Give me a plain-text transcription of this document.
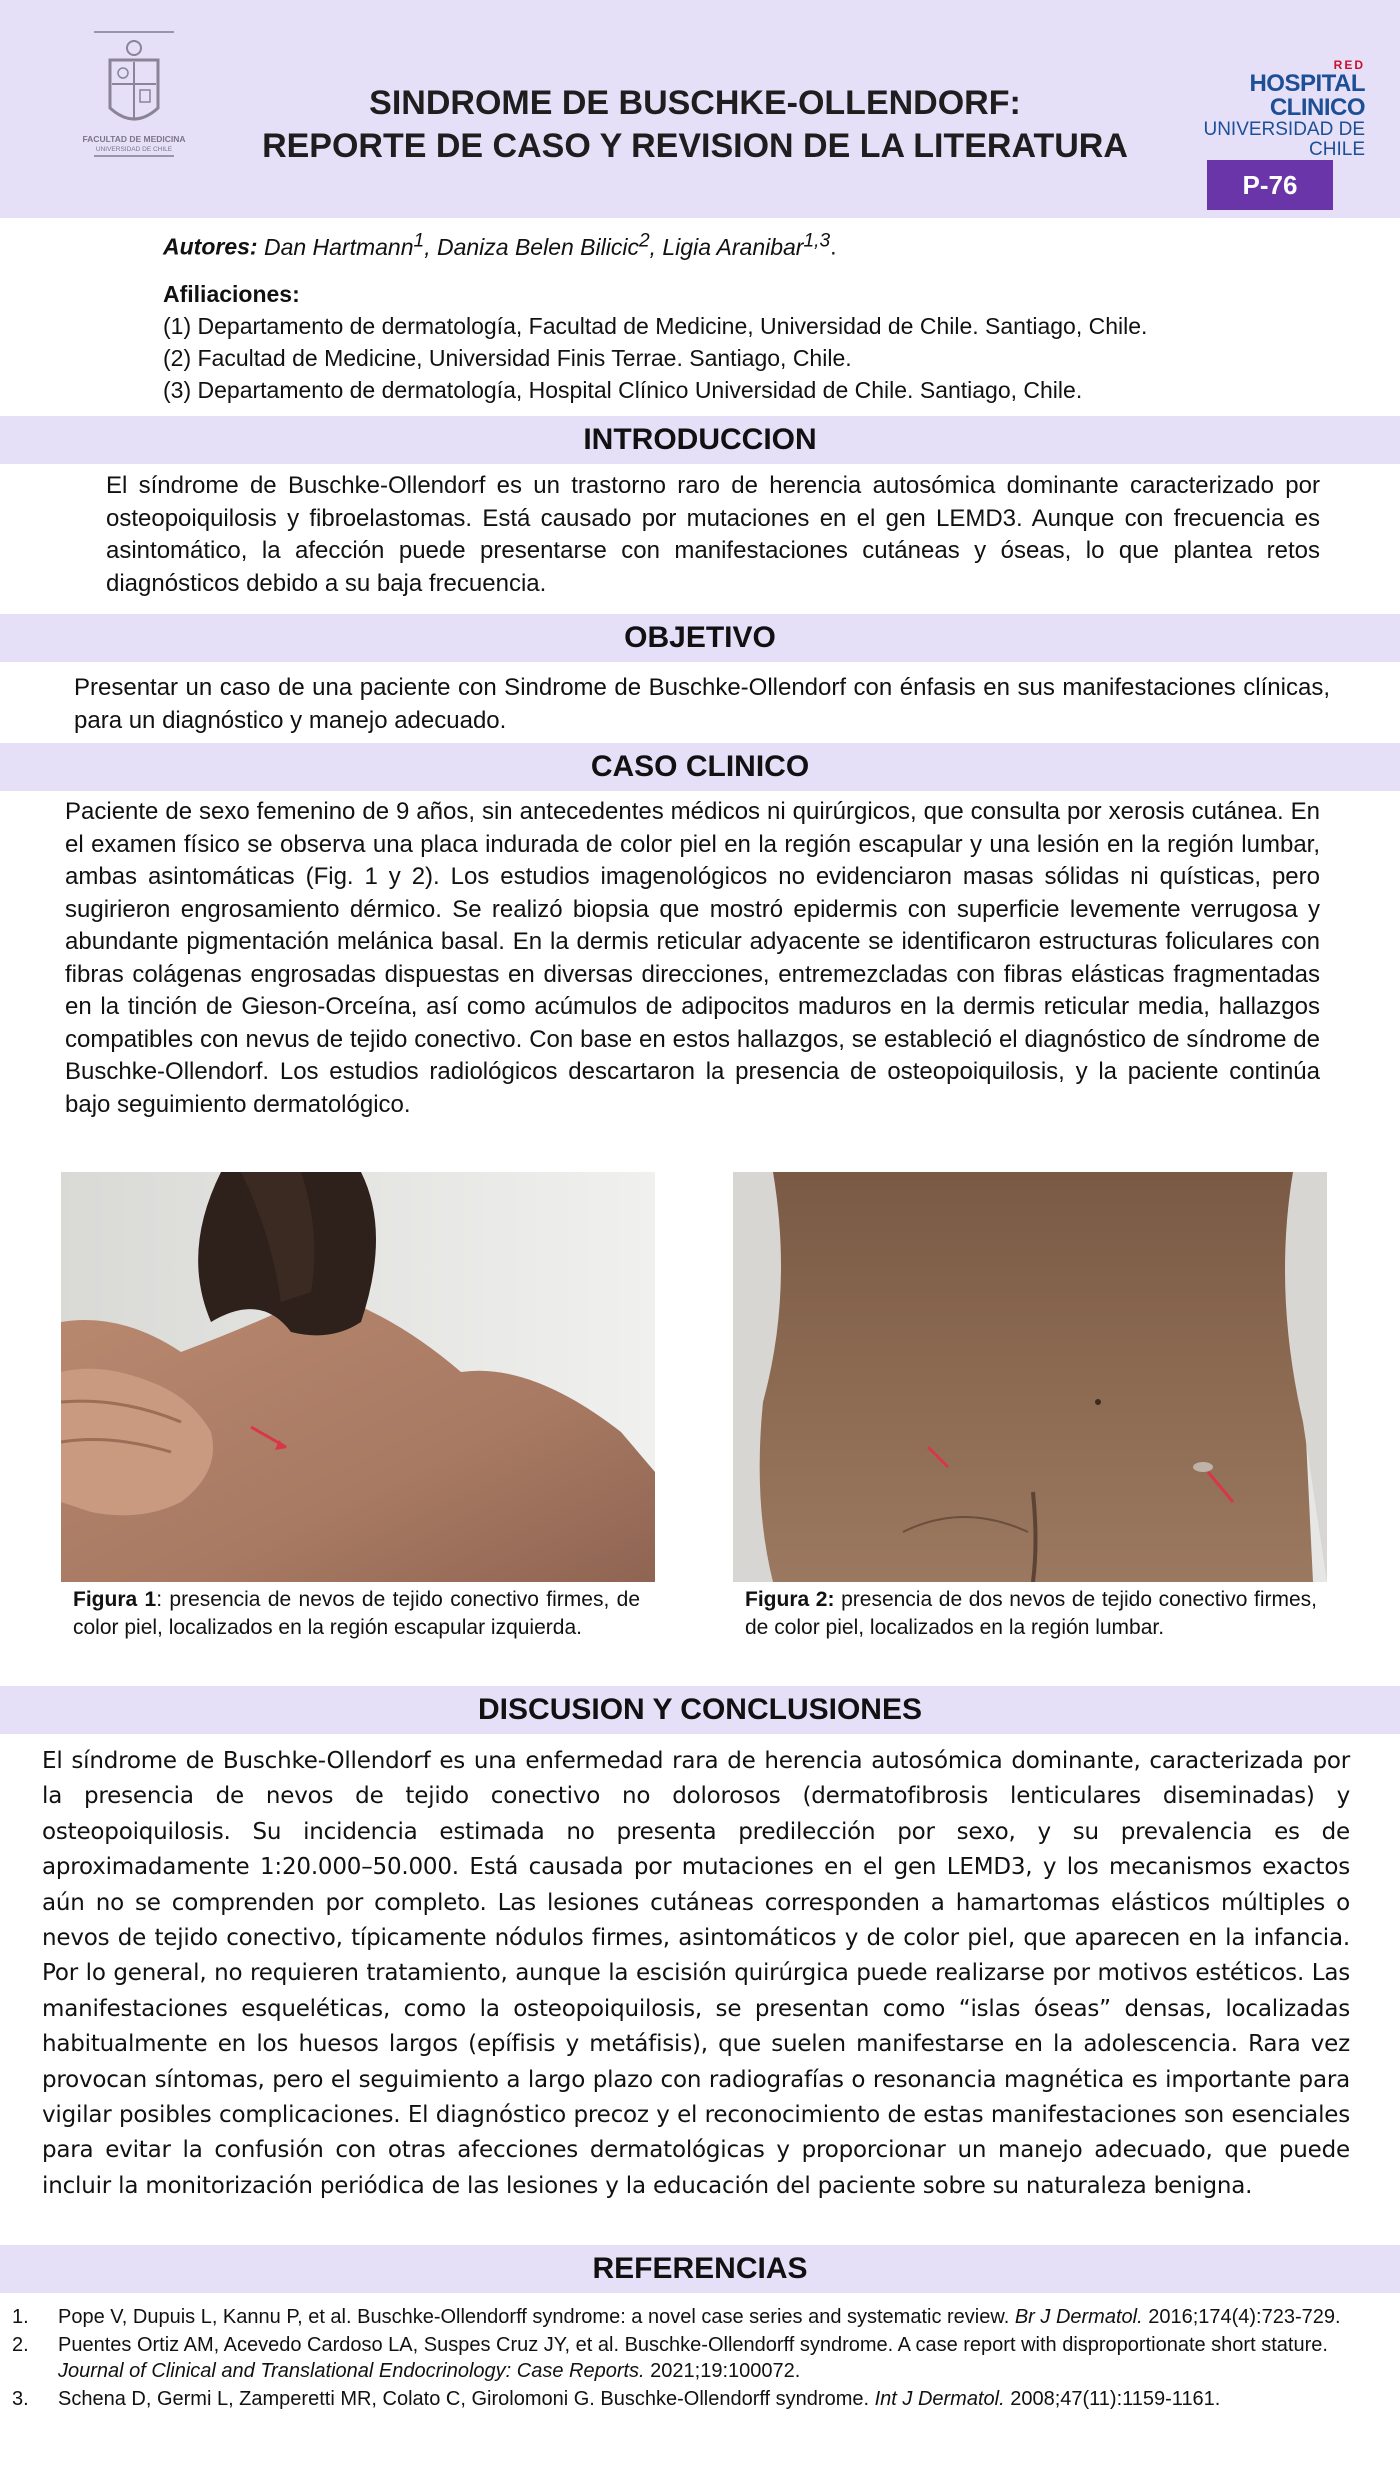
FACULTAD DE MEDICINA
UNIVERSIDAD DE CHILE
SINDROME DE BUSCHKE-OLLENDORF:
REPORTE DE CASO Y REVISION DE LA LITERATURA
RED
HOSPITAL CLINICO
UNIVERSIDAD DE CHILE
P-76
Autores: Dan Hartmann$^1$, Daniza Belen Bilicic$^2$, Ligia Aranibar$^{1,3}$.
Afiliaciones:
(1) Departamento de dermatología, Facultad de Medicine, Universidad de Chile. Santiago, Chile.
(2) Facultad de Medicine, Universidad Finis Terrae. Santiago, Chile.
(3) Departamento de dermatología, Hospital Clínico Universidad de Chile. Santiago, Chile.
INTRODUCCION
El síndrome de Buschke-Ollendorf es un trastorno raro de herencia autosómica dominante caracterizado por osteopoiquilosis y fibroelastomas. Está causado por mutaciones en el gen LEMD3. Aunque con frecuencia es asintomático, la afección puede presentarse con manifestaciones cutáneas y óseas, lo que plantea retos diagnósticos debido a su baja frecuencia.
OBJETIVO
Presentar un caso de una paciente con Sindrome de Buschke-Ollendorf con énfasis en sus manifestaciones clínicas, para un diagnóstico y manejo adecuado.
CASO CLINICO
Paciente de sexo femenino de 9 años, sin antecedentes médicos ni quirúrgicos, que consulta por xerosis cutánea. En el examen físico se observa una placa indurada de color piel en la región escapular y una lesión en la región lumbar, ambas asintomáticas (Fig. 1 y 2). Los estudios imagenológicos no evidenciaron masas sólidas ni quísticas, pero sugirieron engrosamiento dérmico. Se realizó biopsia que mostró epidermis con superficie levemente verrugosa y abundante pigmentación melánica basal. En la dermis reticular adyacente se identificaron estructuras foliculares con fibras colágenas engrosadas dispuestas en diversas direcciones, entremezcladas con fibras elásticas fragmentadas en la tinción de Gieson-Orceína, así como acúmulos de adipocitos maduros en la dermis reticular media, hallazgos compatibles con nevus de tejido conectivo. Con base en estos hallazgos, se estableció el diagnóstico de síndrome de Buschke-Ollendorf. Los estudios radiológicos descartaron la presencia de osteopoiquilosis, y la paciente continúa bajo seguimiento dermatológico.
Figura 1: presencia de nevos de tejido conectivo firmes, de color piel, localizados en la región escapular izquierda.
Figura 2: presencia de dos nevos de tejido conectivo firmes, de color piel, localizados en la región lumbar.
DISCUSION Y CONCLUSIONES
El síndrome de Buschke-Ollendorf es una enfermedad rara de herencia autosómica dominante, caracterizada por la presencia de nevos de tejido conectivo no dolorosos (dermatofibrosis lenticulares diseminadas) y osteopoiquilosis. Su incidencia estimada no presenta predilección por sexo, y su prevalencia es de aproximadamente 1:20.000–50.000. Está causada por mutaciones en el gen LEMD3, y los mecanismos exactos aún no se comprenden por completo. Las lesiones cutáneas corresponden a hamartomas elásticos múltiples o nevos de tejido conectivo, típicamente nódulos firmes, asintomáticos y de color piel, que aparecen en la infancia. Por lo general, no requieren tratamiento, aunque la escisión quirúrgica puede realizarse por motivos estéticos. Las manifestaciones esqueléticas, como la osteopoiquilosis, se presentan como “islas óseas” densas, localizadas habitualmente en los huesos largos (epífisis y metáfisis), que suelen manifestarse en la adolescencia. Rara vez provocan síntomas, pero el seguimiento a largo plazo con radiografías o resonancia magnética es importante para vigilar posibles complicaciones. El diagnóstico precoz y el reconocimiento de estas manifestaciones son esenciales para evitar la confusión con otras afecciones dermatológicas y proporcionar un manejo adecuado, que puede incluir la monitorización periódica de las lesiones y la educación del paciente sobre su naturaleza benigna.
REFERENCIAS
1. Pope V, Dupuis L, Kannu P, et al. Buschke-Ollendorff syndrome: a novel case series and systematic review. Br J Dermatol. 2016;174(4):723-729.
2. Puentes Ortiz AM, Acevedo Cardoso LA, Suspes Cruz JY, et al. Buschke-Ollendorff syndrome. A case report with disproportionate short stature. Journal of Clinical and Translational Endocrinology: Case Reports. 2021;19:100072.
3. Schena D, Germi L, Zamperetti MR, Colato C, Girolomoni G. Buschke-Ollendorff syndrome. Int J Dermatol. 2008;47(11):1159-1161.
